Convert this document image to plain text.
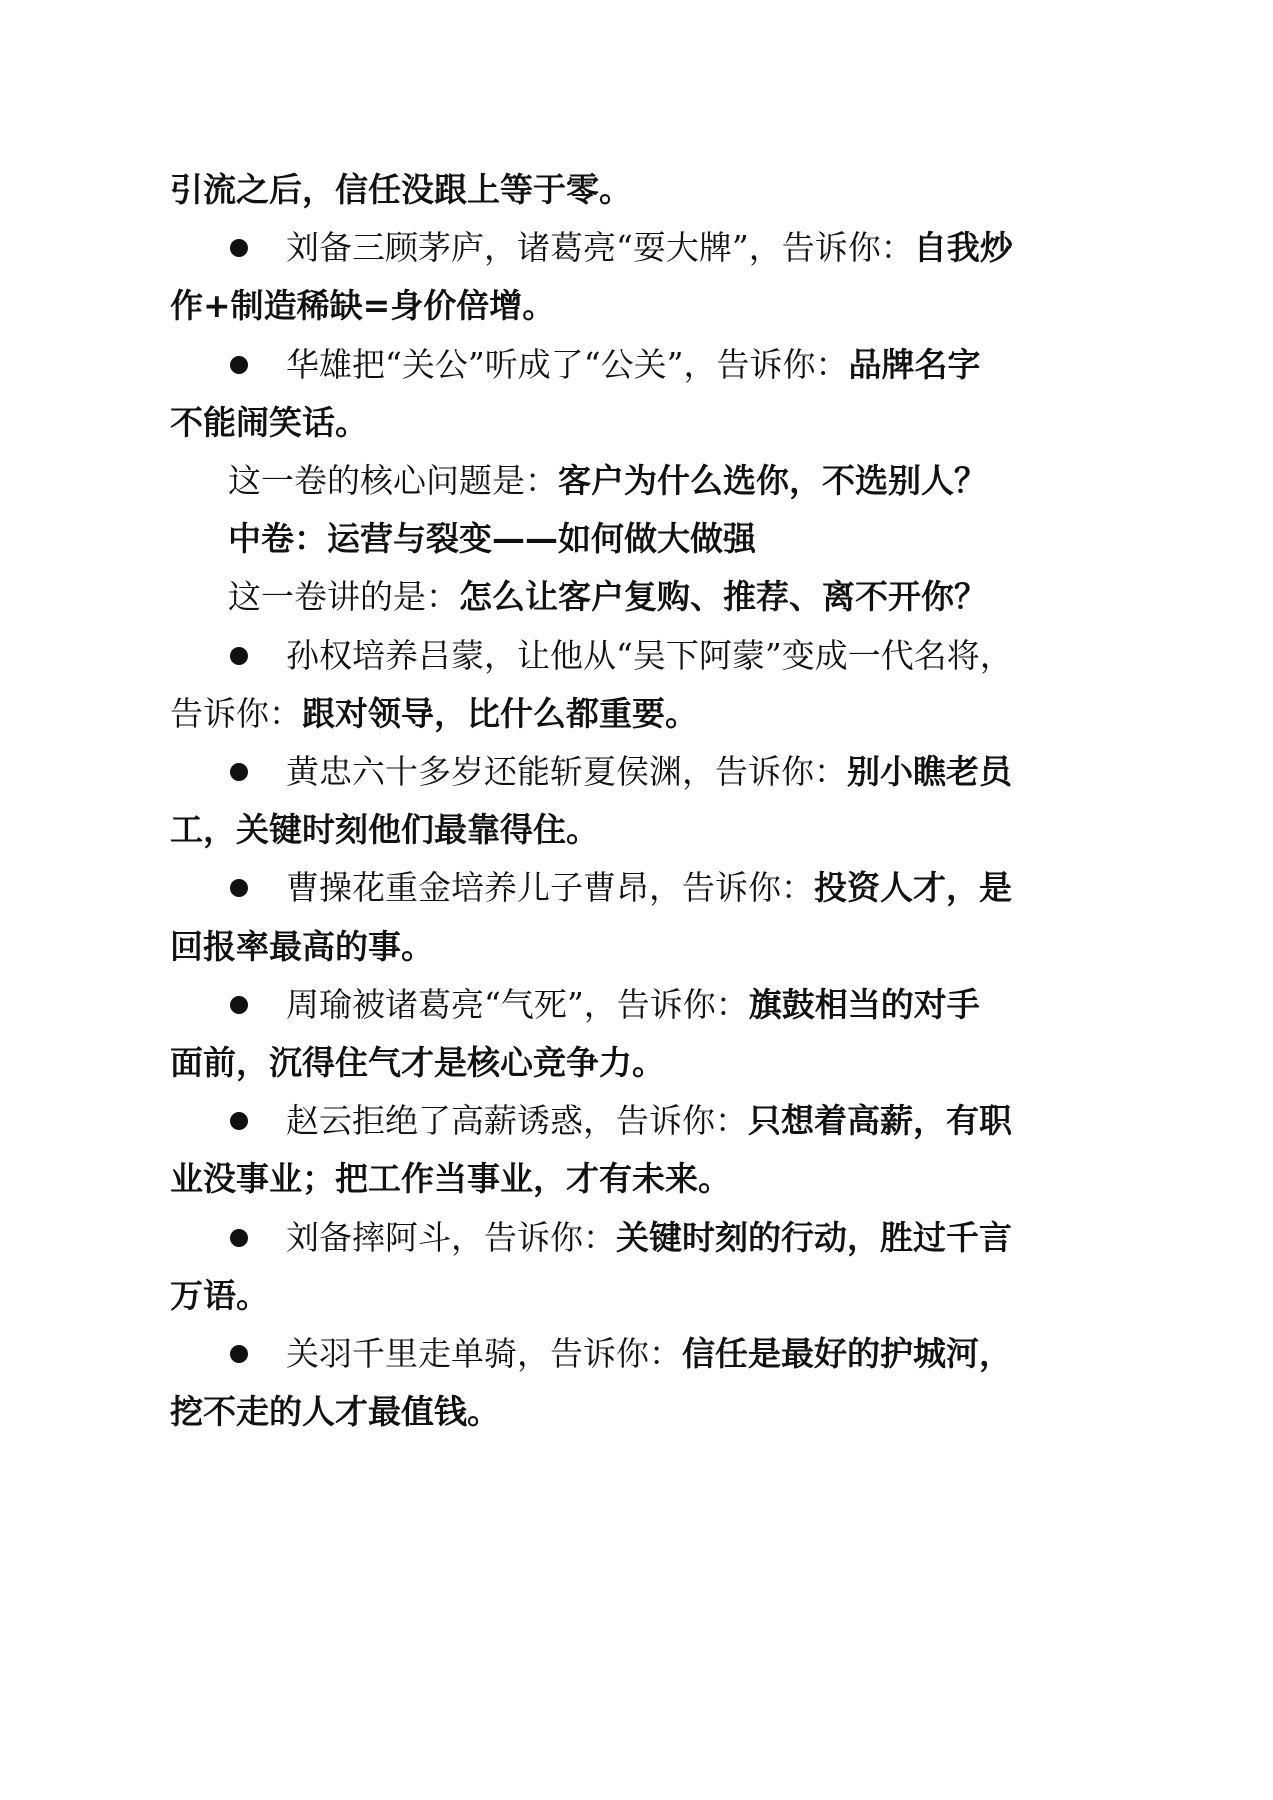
引流之后，信任没跟上等于零。
刘备三顾茅庐，诸葛亮“耍大牌”，告诉你：自我炒
作+制造稀缺=身价倍增。
华雄把“关公”听成了“公关”，告诉你：品牌名字
不能闹笑话。
这一卷的核心问题是：客户为什么选你，不选别人？
中卷：运营与裂变——如何做大做强
这一卷讲的是：怎么让客户复购、推荐、离不开你？
孙权培养吕蒙，让他从“吴下阿蒙”变成一代名将，
告诉你：跟对领导，比什么都重要。
黄忠六十多岁还能斩夏侯渊，告诉你：别小瞧老员
工，关键时刻他们最靠得住。
曹操花重金培养儿子曹昂，告诉你：投资人才，是
回报率最高的事。
周瑜被诸葛亮“气死”，告诉你：旗鼓相当的对手
面前，沉得住气才是核心竞争力。
赵云拒绝了高薪诱惑，告诉你：只想着高薪，有职
业没事业；把工作当事业，才有未来。
刘备摔阿斗，告诉你：关键时刻的行动，胜过千言
万语。
关羽千里走单骑，告诉你：信任是最好的护城河，
挖不走的人才最值钱。
